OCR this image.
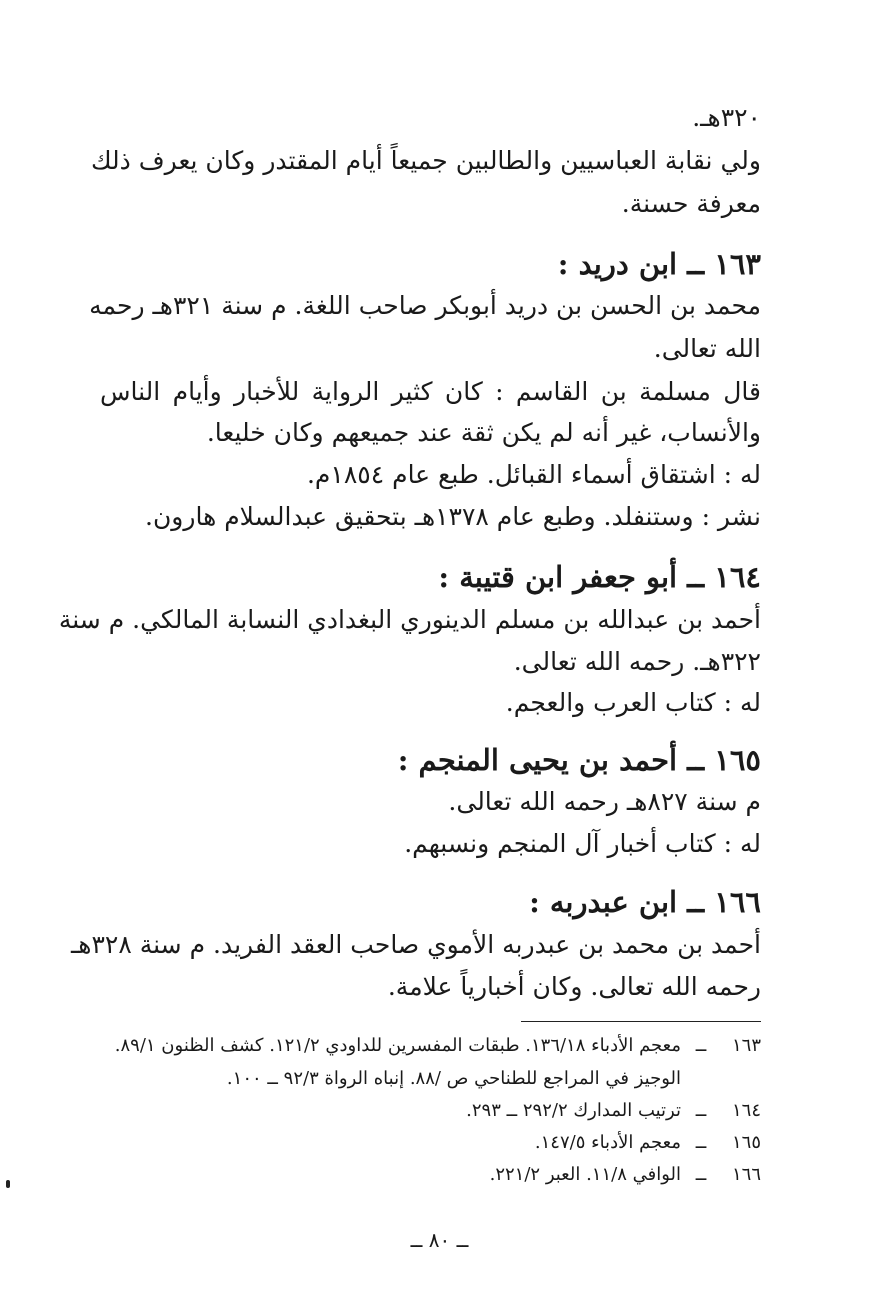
٣٢٠هـ.
ولي نقابة العباسيين والطالبين جميعاً أيام المقتدر وكان يعرف ذلك
معرفة حسنة.
١٦٣ ــ ابن دريد :
محمد بن الحسن بن دريد أبوبكر صاحب اللغة. م سنة ٣٢١هـ رحمه
الله تعالى.
قال مسلمة بن القاسم : كان كثير الرواية للأخبار وأيام الناس
والأنساب، غير أنه لم يكن ثقة عند جميعهم وكان خليعا.
له : اشتقاق أسماء القبائل. طبع عام ١٨٥٤م.
نشر : وستنفلد. وطبع عام ١٣٧٨هـ بتحقيق عبدالسلام هارون.
١٦٤ ــ أبو جعفر ابن قتيبة :
أحمد بن عبدالله بن مسلم الدينوري البغدادي النسابة المالكي. م سنة
٣٢٢هـ. رحمه الله تعالى.
له : كتاب العرب والعجم.
١٦٥ ــ أحمد بن يحيى المنجم :
م سنة ٨٢٧هـ رحمه الله تعالى.
له : كتاب أخبار آل المنجم ونسبهم.
١٦٦ ــ ابن عبدربه :
أحمد بن محمد بن عبدربه الأموي صاحب العقد الفريد. م سنة ٣٢٨هـ
رحمه الله تعالى. وكان أخبارياً علامة.
١٦٣
ــ
معجم الأدباء ١٣٦/١٨. طبقات المفسرين للداودي ١٢١/٢. كشف الظنون ٨٩/١.
الوجيز في المراجع للطناحي ص /٨٨. إنباه الرواة ٩٢/٣ ــ ١٠٠.
١٦٤
ــ
ترتيب المدارك ٢٩٢/٢ ــ ٢٩٣.
١٦٥
ــ
معجم الأدباء ١٤٧/٥.
١٦٦
ــ
الوافي ١١/٨. العبر ٢٢١/٢.
ــ ٨٠ ــ
